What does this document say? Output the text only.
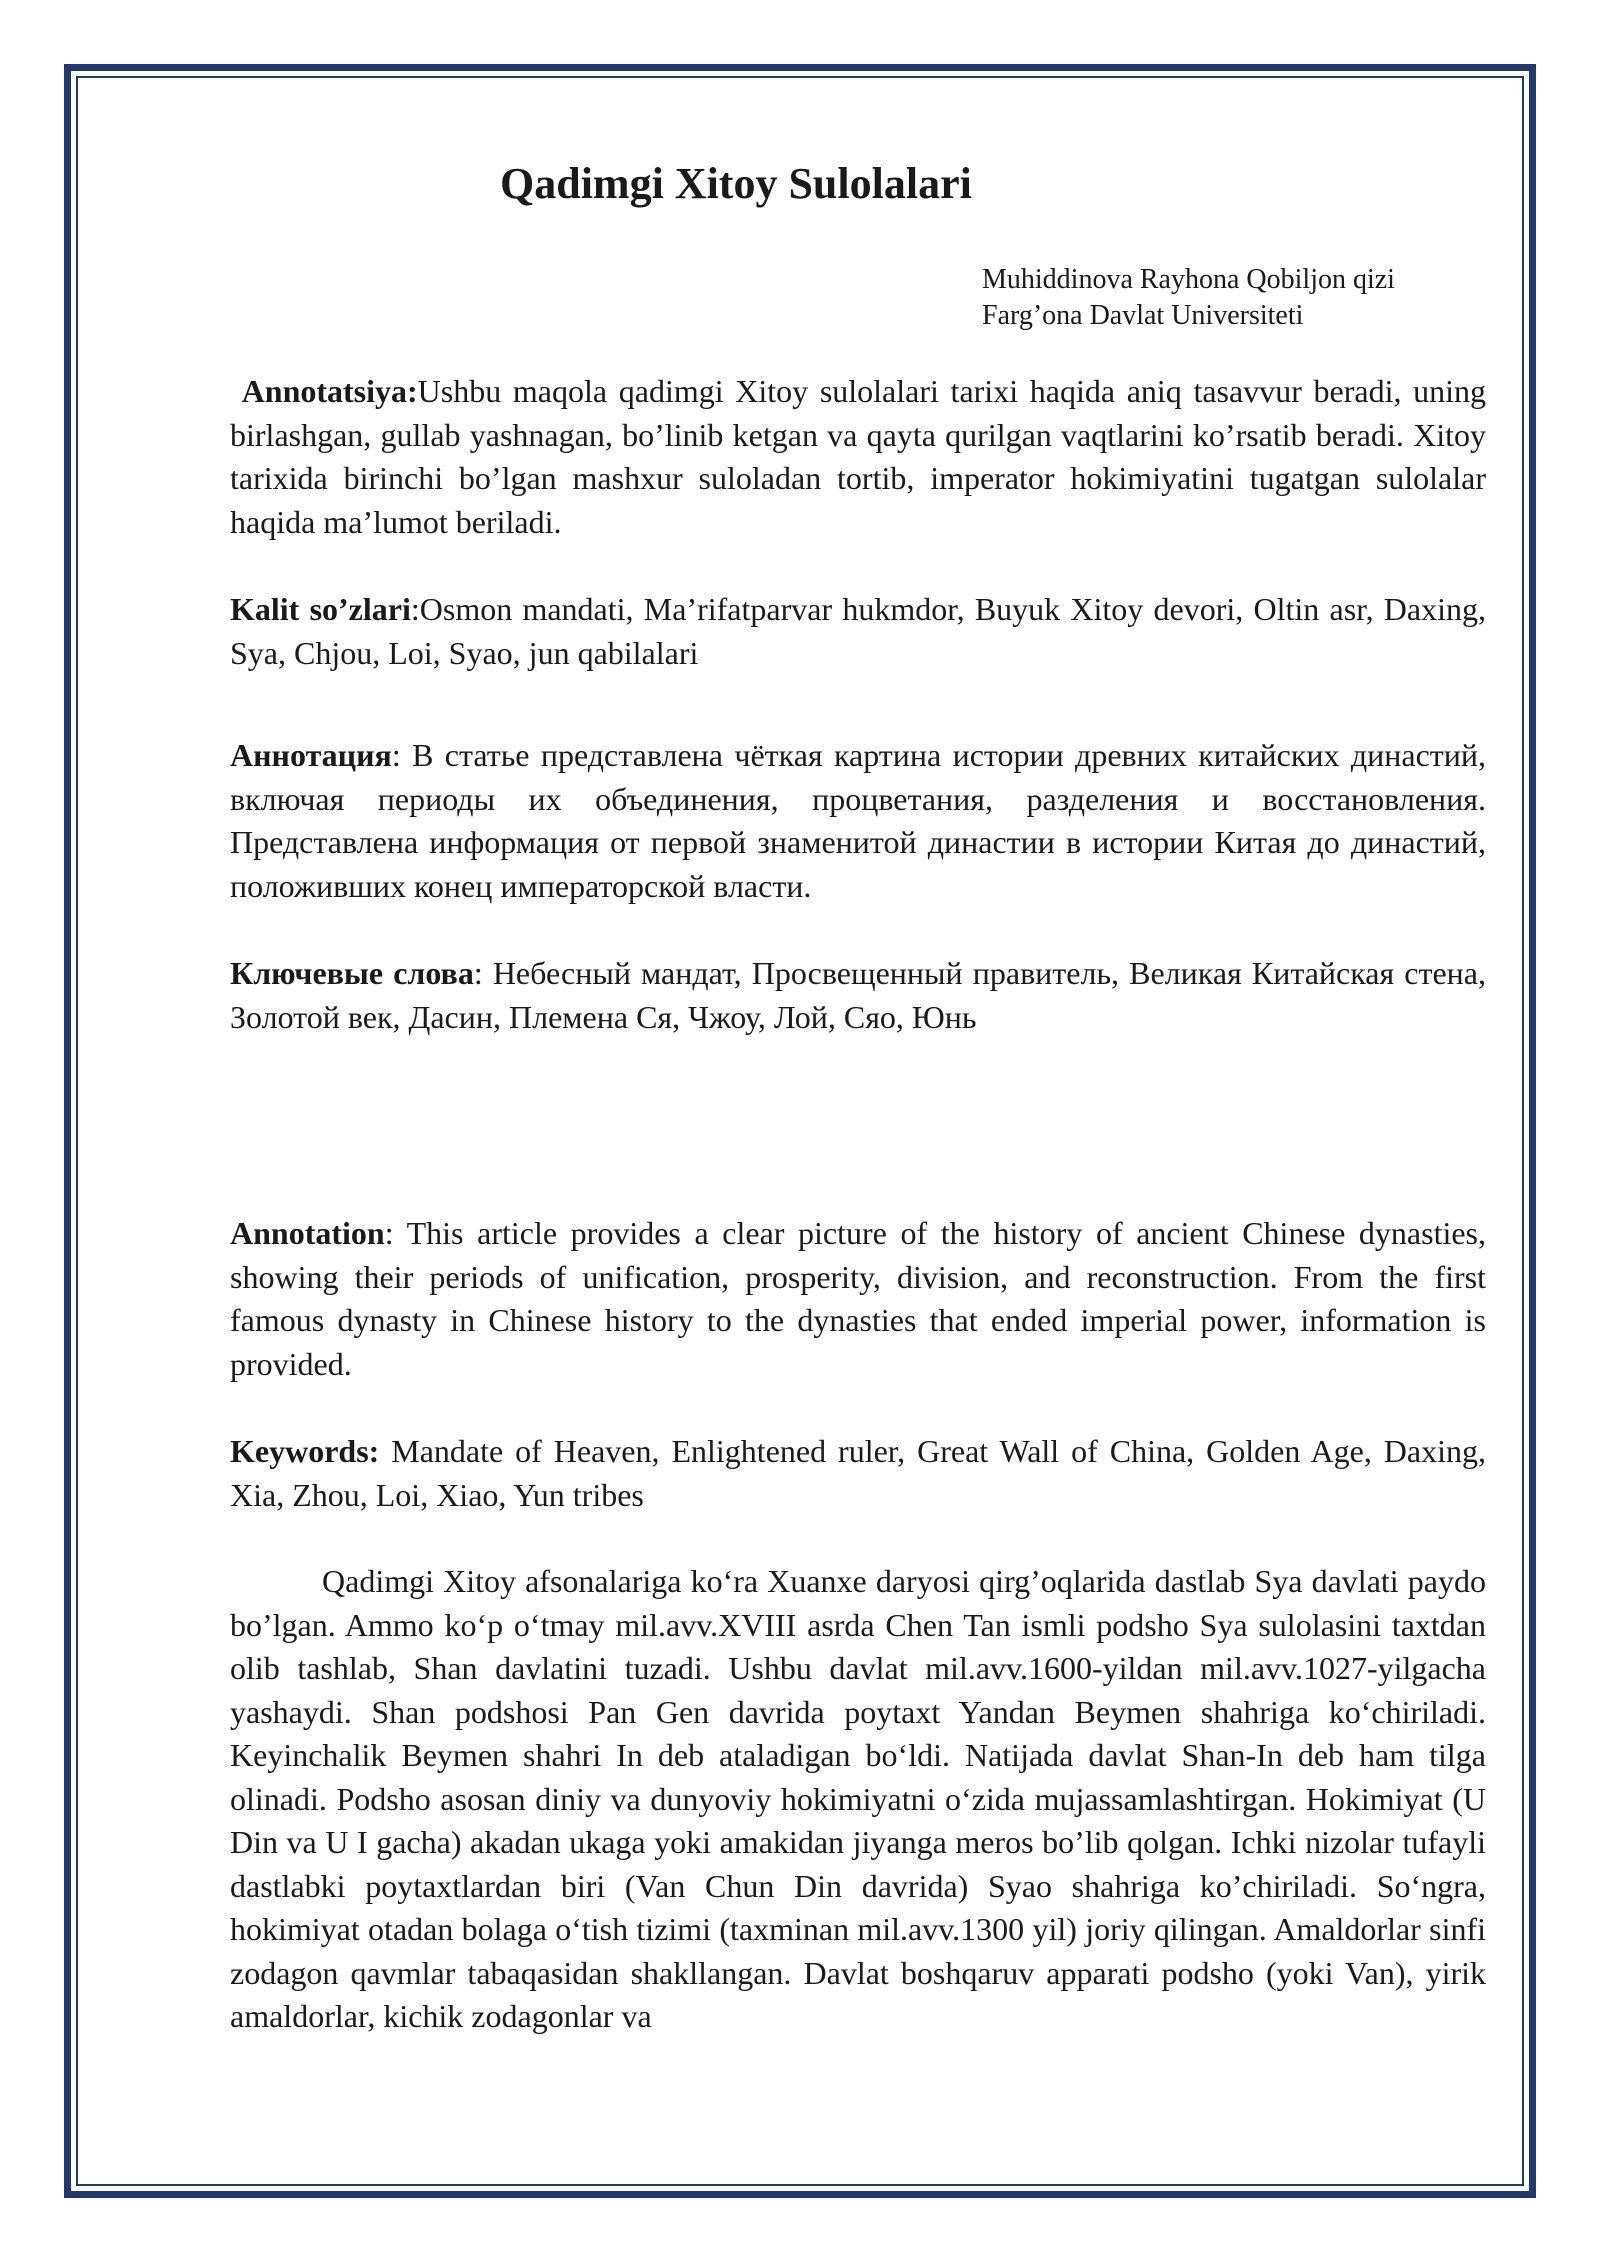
Qadimgi Xitoy Sulolalari
Muhiddinova Rayhona Qobiljon qizi
Farg’ona Davlat Universiteti

Annotatsiya:Ushbu maqola qadimgi Xitoy sulolalari tarixi haqida aniq tasavvur beradi, uning birlashgan, gullab yashnagan, bo’linib ketgan va qayta qurilgan vaqtlarini ko’rsatib beradi. Xitoy tarixida birinchi bo’lgan mashxur suloladan tortib, imperator hokimiyatini tugatgan sulolalar haqida ma’lumot beriladi.

Kalit so’zlari:Osmon mandati, Ma’rifatparvar hukmdor, Buyuk Xitoy devori, Oltin asr, Daxing, Sya, Chjou, Loi, Syao, jun qabilalari

Аннотация: В статье представлена чёткая картина истории древних китайских династий, включая периоды их объединения, процветания, разделения и восстановления. Представлена информация от первой знаменитой династии в истории Китая до династий, положивших конец императорской власти.

Ключевые слова: Небесный мандат, Просвещенный правитель, Великая Китайская стена, Золотой век, Дасин, Племена Ся, Чжоу, Лой, Сяо, Юнь

Annotation: This article provides a clear picture of the history of ancient Chinese dynasties, showing their periods of unification, prosperity, division, and reconstruction. From the first famous dynasty in Chinese history to the dynasties that ended imperial power, information is provided.

Keywords: Mandate of Heaven, Enlightened ruler, Great Wall of China, Golden Age, Daxing, Xia, Zhou, Loi, Xiao, Yun tribes

Qadimgi Xitoy afsonalariga ko‘ra Xuanxe daryosi qirg’oqlarida dastlab Sya davlati paydo bo’lgan. Ammo ko‘p o‘tmay mil.avv.XVIII asrda Chen Tan ismli podsho Sya sulolasini taxtdan olib tashlab, Shan davlatini tuzadi. Ushbu davlat mil.avv.1600-yildan mil.avv.1027-yilgacha yashaydi. Shan podshosi Pan Gen davrida poytaxt Yandan Beymen shahriga ko‘chiriladi. Keyinchalik Beymen shahri In deb ataladigan bo‘ldi. Natijada davlat Shan-In deb ham tilga olinadi. Podsho asosan diniy va dunyoviy hokimiyatni o‘zida mujassamlashtirgan. Hokimiyat (U Din va U I gacha) akadan ukaga yoki amakidan jiyanga meros bo’lib qolgan. Ichki nizolar tufayli dastlabki poytaxtlardan biri (Van Chun Din davrida) Syao shahriga ko’chiriladi. So‘ngra, hokimiyat otadan bolaga o‘tish tizimi (taxminan mil.avv.1300 yil) joriy qilingan. Amaldorlar sinfi zodagon qavmlar tabaqasidan shakllangan. Davlat boshqaruv apparati podsho (yoki Van), yirik amaldorlar, kichik zodagonlar va
